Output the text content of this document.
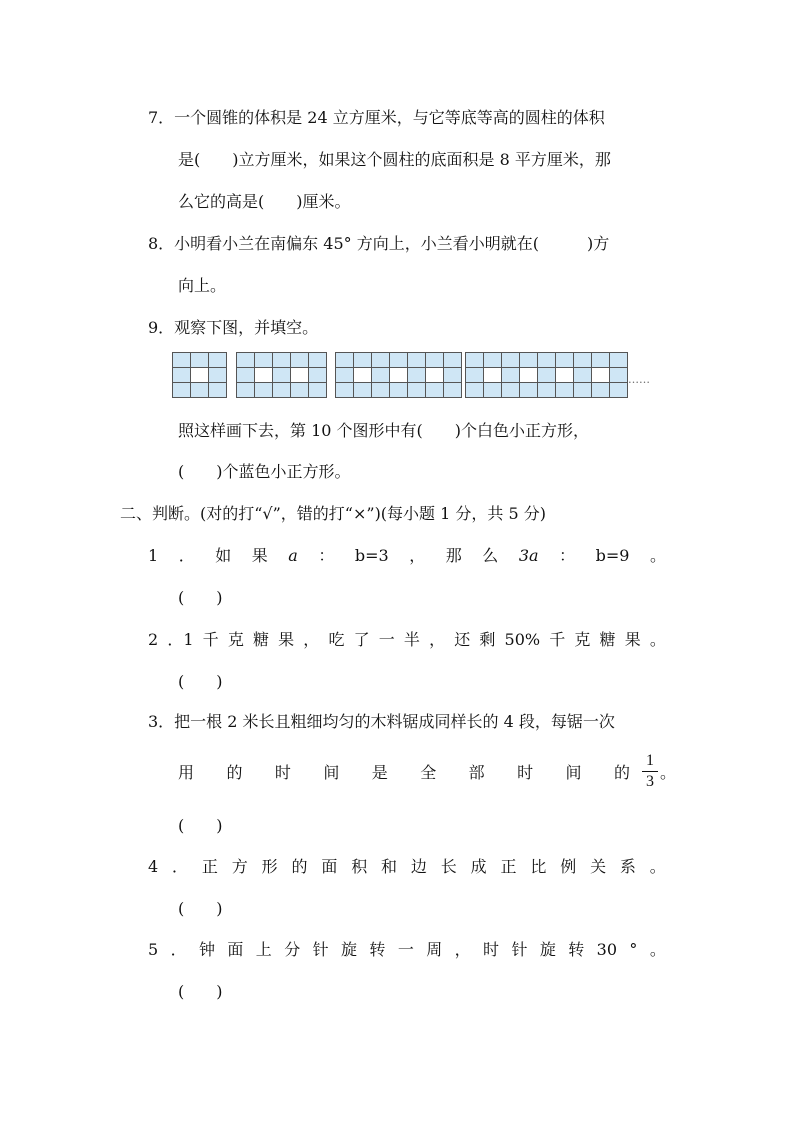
7．一个圆锥的体积是 24 立方厘米，与它等底等高的圆柱的体积
是(　　)立方厘米，如果这个圆柱的底面积是 8 平方厘米，那
么它的高是(　　)厘米。
8．小明看小兰在南偏东 45° 方向上，小兰看小明就在(　　　)方
向上。
9．观察下图，并填空。
……
照这样画下去，第 10 个图形中有(　　)个白色小正方形，
(　　)个蓝色小正方形。
二、判断。(对的打“√”，错的打“×”)(每小题 1 分，共 5 分)
1 ． 如 果 a ： b=3 ， 那 么 3a ： b=9 。
(　　)
2 ．1 千 克 糖 果 ， 吃 了 一 半 ， 还 剩 50% 千 克 糖 果 。
(　　)
3．把一根 2 米长且粗细均匀的木料锯成同样长的 4 段，每锯一次
用 的 时 间 是 全 部 时 间 的
1
3 。
(　　)
4 ． 正 方 形 的 面 积 和 边 长 成 正 比 例 关 系 。
(　　)
5 ． 钟 面 上 分 针 旋 转 一 周 ， 时 针 旋 转 30 ° 。
(　　)
